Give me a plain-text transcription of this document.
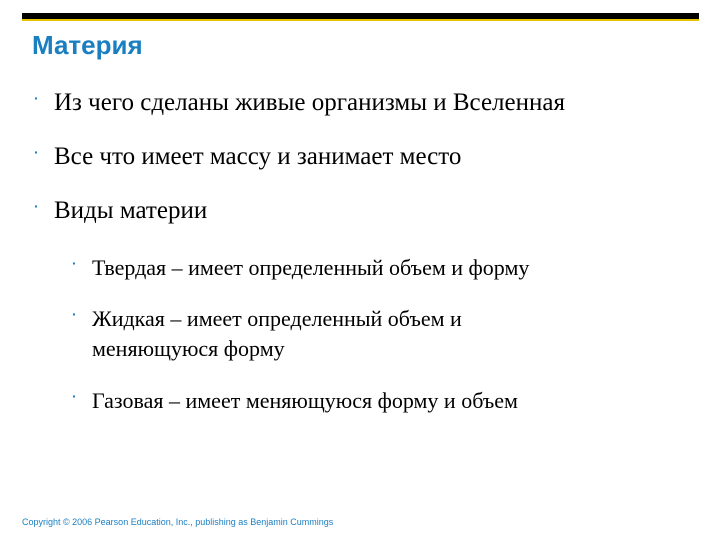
Материя
· Из чего сделаны живые организмы и Вселенная
· Все что имеет массу и занимает место
· Виды материи
· Твердая – имеет определенный объем и форму
· Жидкая – имеет определенный объем и
меняющуюся форму
· Газовая – имеет меняющуюся форму и объем
Copyright © 2006 Pearson Education, Inc., publishing as Benjamin Cummings
